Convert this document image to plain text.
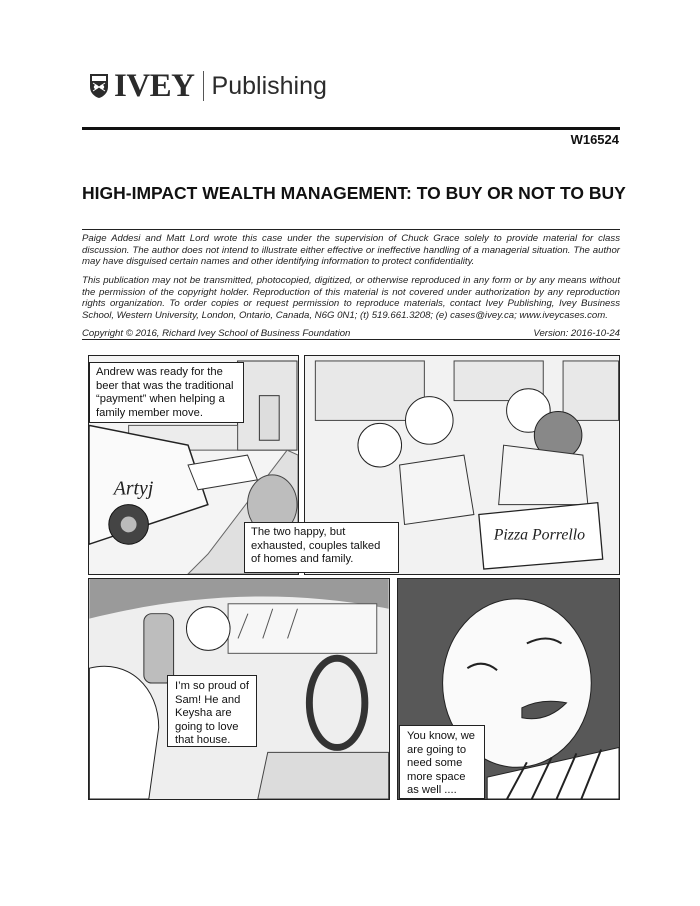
IVEY Publishing
W16524
HIGH-IMPACT WEALTH MANAGEMENT: TO BUY OR NOT TO BUY
Paige Addesi and Matt Lord wrote this case under the supervision of Chuck Grace solely to provide material for class discussion. The author does not intend to illustrate either effective or ineffective handling of a managerial situation. The author may have disguised certain names and other identifying information to protect confidentiality.
This publication may not be transmitted, photocopied, digitized, or otherwise reproduced in any form or by any means without the permission of the copyright holder. Reproduction of this material is not covered under authorization by any reproduction rights organization. To order copies or request permission to reproduce materials, contact Ivey Publishing, Ivey Business School, Western University, London, Ontario, Canada, N6G 0N1; (t) 519.661.3208; (e) cases@ivey.ca; www.iveycases.com.
Copyright © 2016, Richard Ivey School of Business Foundation	Version: 2016-10-24
Artyj
Andrew was ready for the beer that was the traditional “payment” when helping a family member move.
Pizza Porrello
The two happy, but exhausted, couples talked of homes and family.
I’m so proud of Sam! He and Keysha are going to love that house.	You know, we are going to need some more space as well ....
